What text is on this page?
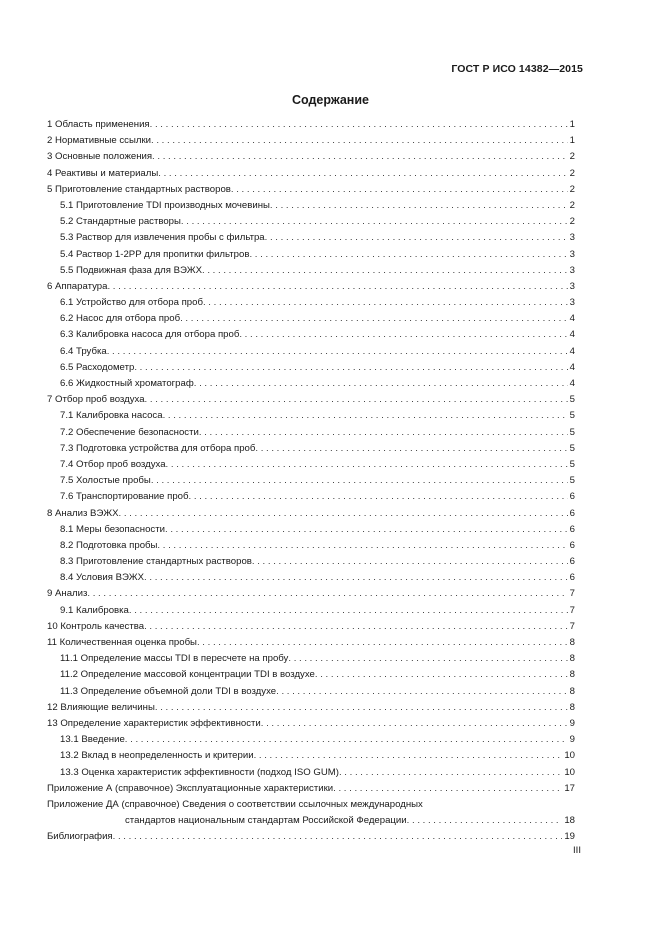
ГОСТ Р ИСО 14382—2015
Содержание
1 Область применения . . .	1
2 Нормативные ссылки . . .	1
3 Основные положения . . .	2
4 Реактивы и материалы . . .	2
5 Приготовление стандартных растворов . . .	2
5.1 Приготовление TDI производных мочевины . . .	2
5.2 Стандартные растворы . . .	2
5.3 Раствор для извлечения пробы с фильтра . . .	3
5.4 Раствор 1-2PP для пропитки фильтров . . .	3
5.5 Подвижная фаза для ВЭЖХ . . .	3
6 Аппаратура . . .	3
6.1 Устройство для отбора проб . . .	3
6.2 Насос для отбора проб . . .	4
6.3 Калибровка насоса для отбора проб . . .	4
6.4 Трубка . . .	4
6.5 Расходометр . . .	4
6.6 Жидкостный хроматограф . . .	4
7 Отбор проб воздуха . . .	5
7.1 Калибровка насоса . . .	5
7.2 Обеспечение безопасности . . .	5
7.3 Подготовка устройства для отбора проб . . .	5
7.4 Отбор проб воздуха . . .	5
7.5 Холостые пробы . . .	5
7.6 Транспортирование проб . . .	6
8 Анализ ВЭЖХ . . .	6
8.1 Меры безопасности . . .	6
8.2 Подготовка пробы . . .	6
8.3 Приготовление стандартных растворов . . .	6
8.4 Условия ВЭЖХ . . .	6
9 Анализ . . .	7
9.1 Калибровка . . .	7
10 Контроль качества . . .	7
11 Количественная оценка пробы . . .	8
11.1 Определение массы TDI в пересчете на пробу . . .	8
11.2 Определение массовой концентрации TDI в воздухе . . .	8
11.3 Определение объемной доли TDI в воздухе . . .	8
12 Влияющие величины . . .	8
13 Определение характеристик эффективности . . .	9
13.1 Введение . . .	9
13.2 Вклад в неопределенность и критерии . . .	10
13.3 Оценка характеристик эффективности (подход ISO GUM) . . .	10
Приложение А (справочное) Эксплуатационные характеристики . . .	17
Приложение ДА (справочное) Сведения о соответствии ссылочных международных
стандартов национальным стандартам Российской Федерации . . .	18
Библиография . . .	19
III
